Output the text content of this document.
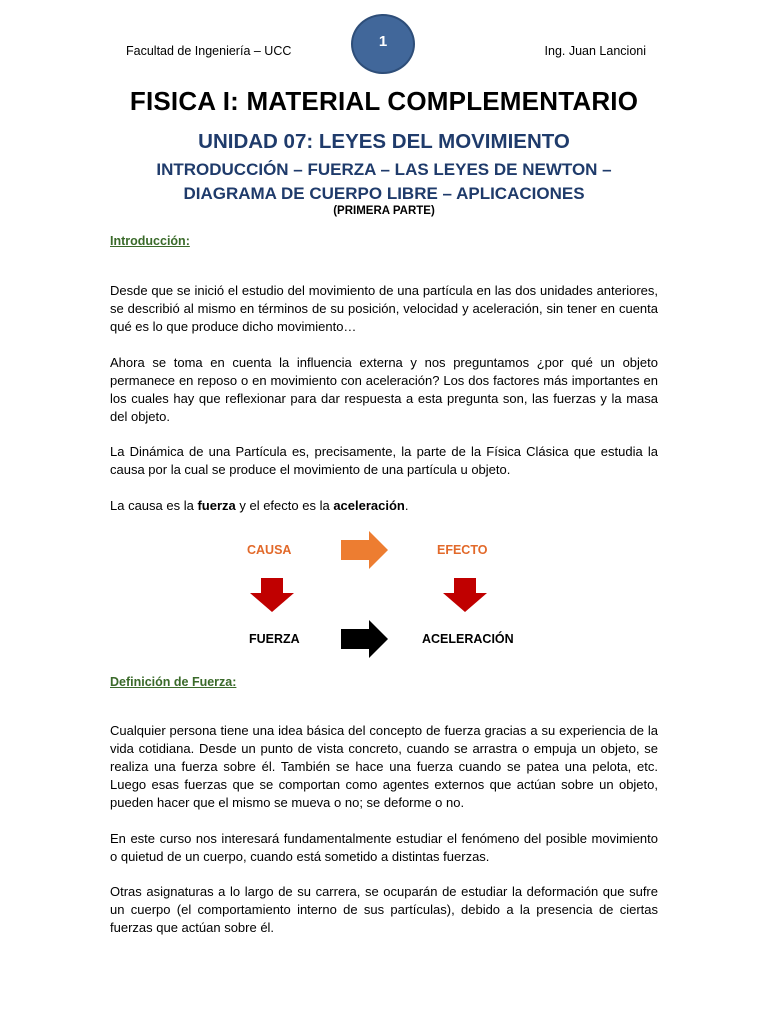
Facultad de Ingeniería – UCC
1
Ing. Juan Lancioni
FISICA I: MATERIAL COMPLEMENTARIO
UNIDAD 07: LEYES DEL MOVIMIENTO
INTRODUCCIÓN – FUERZA – LAS LEYES DE NEWTON –
DIAGRAMA DE CUERPO LIBRE – APLICACIONES
(PRIMERA PARTE)
Introducción:

Desde que se inició el estudio del movimiento de una partícula en las dos unidades anteriores, se describió al mismo en términos de su posición, velocidad y aceleración, sin tener en cuenta qué es lo que produce dicho movimiento…

Ahora se toma en cuenta la influencia externa y nos preguntamos ¿por qué un objeto permanece en reposo o en movimiento con aceleración? Los dos factores más importantes en los cuales hay que reflexionar para dar respuesta a esta pregunta son, las fuerzas y la masa del objeto.

La Dinámica de una Partícula es, precisamente, la parte de la Física Clásica que estudia la causa por la cual se produce el movimiento de una partícula u objeto.

La causa es la fuerza y el efecto es la aceleración.

CAUSA	EFECTO
FUERZA	ACELERACIÓN
Definición de Fuerza:

Cualquier persona tiene una idea básica del concepto de fuerza gracias a su experiencia de la vida cotidiana. Desde un punto de vista concreto, cuando se arrastra o empuja un objeto, se realiza una fuerza sobre él. También se hace una fuerza cuando se patea una pelota, etc. Luego esas fuerzas que se comportan como agentes externos que actúan sobre un objeto, pueden hacer que el mismo se mueva o no; se deforme o no.

En este curso nos interesará fundamentalmente estudiar el fenómeno del posible movimiento o quietud de un cuerpo, cuando está sometido a distintas fuerzas.

Otras asignaturas a lo largo de su carrera, se ocuparán de estudiar la deformación que sufre un cuerpo (el comportamiento interno de sus partículas), debido a la presencia de ciertas fuerzas que actúan sobre él.
